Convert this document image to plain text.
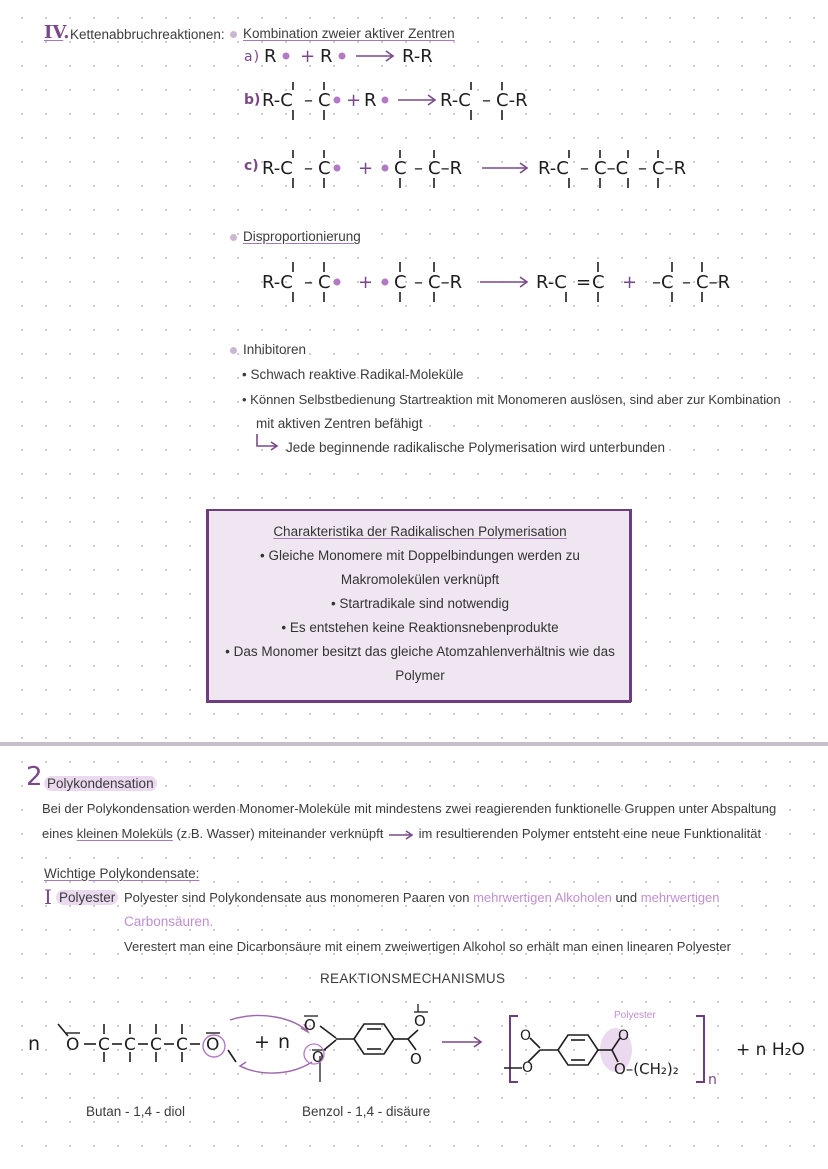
IV. Kettenabbruchreaktionen:	Kombination zweier aktiver Zentren
a) R + R	R-R
b) R-C – C + R	R-C – C-R
c) R-C – C + C – C–R	R-C – C–C – C–R
Disproportionierung
R-C – C + C – C–R	R-C = C + –C – C–R
Inhibitoren
• Schwach reaktive Radikal-Moleküle
• Können Selbstbedienung Startreaktion mit Monomeren auslösen, sind aber zur Kombination
mit aktiven Zentren befähigt
Jede beginnende radikalische Polymerisation wird unterbunden
Charakteristika der Radikalischen Polymerisation
• Gleiche Monomere mit Doppelbindungen werden zu
Makromolekülen verknüpft
• Startradikale sind notwendig
• Es entstehen keine Reaktionsnebenprodukte
• Das Monomer besitzt das gleiche Atomzahlenverhältnis wie das
Polymer
2 Polykondensation
Bei der Polykondensation werden Monomer-Moleküle mit mindestens zwei reagierenden funktionelle Gruppen unter Abspaltung
eines kleinen Moleküls (z.B. Wasser) miteinander verknüpft	im resultierenden Polymer entsteht eine neue Funktionalität
Wichtige Polykondensate:
I Polyester Polyester sind Polykondensate aus monomeren Paaren von mehrwertigen Alkoholen und mehrwertigen
Carbonsäuren.
Verestert man eine Dicarbonsäure mit einem zweiwertigen Alkohol so erhält man einen linearen Polyester
REAKTIONSMECHANISMUS
n O C C C C O + n
O
O
O
O
Polyester
O
O
O
O–(CH₂)₂
n
+ n H₂O
Butan - 1,4 - diol	Benzol - 1,4 - disäure
